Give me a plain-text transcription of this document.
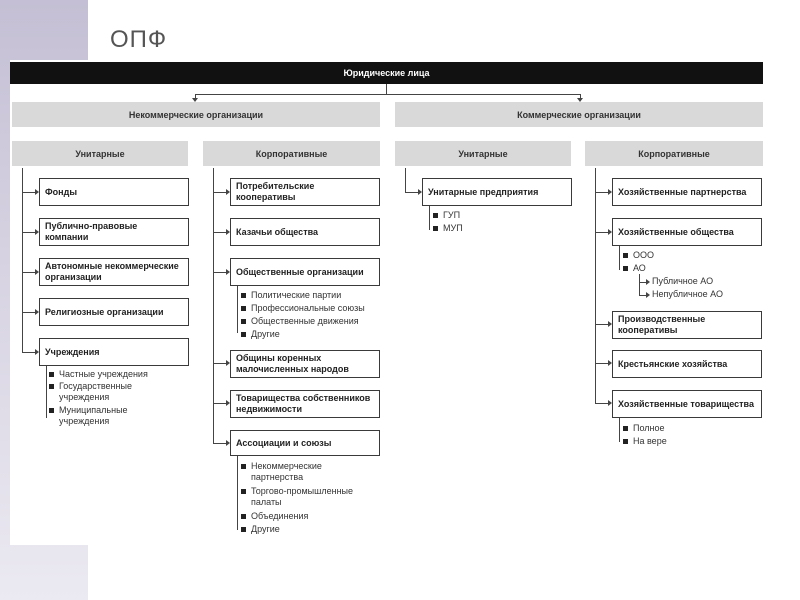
ОПФ
Юридические лица
Некоммерческие организации	Коммерческие организации
Унитарные	Корпоративные	Унитарные	Корпоративные
Фонды
Публично-правовые компании
Автономные некоммерческие организации
Религиозные организации
Учреждения
Частные учреждения
Государственные учреждения
Муниципальные учреждения
Потребительские кооперативы
Казачьи общества
Общественные организации
Политические партии
Профессиональные союзы
Общественные движения
Другие
Общины коренных малочисленных народов
Товарищества собственников недвижимости
Ассоциации и союзы
Некоммерческие партнерства
Торгово-промышленные палаты
Объединения
Другие
Унитарные предприятия
ГУП
МУП
Хозяйственные партнерства
Хозяйственные общества
ООО
АО
Публичное АО
Непубличное АО
Производственные кооперативы
Крестьянские хозяйства
Хозяйственные товарищества
Полное
На вере
